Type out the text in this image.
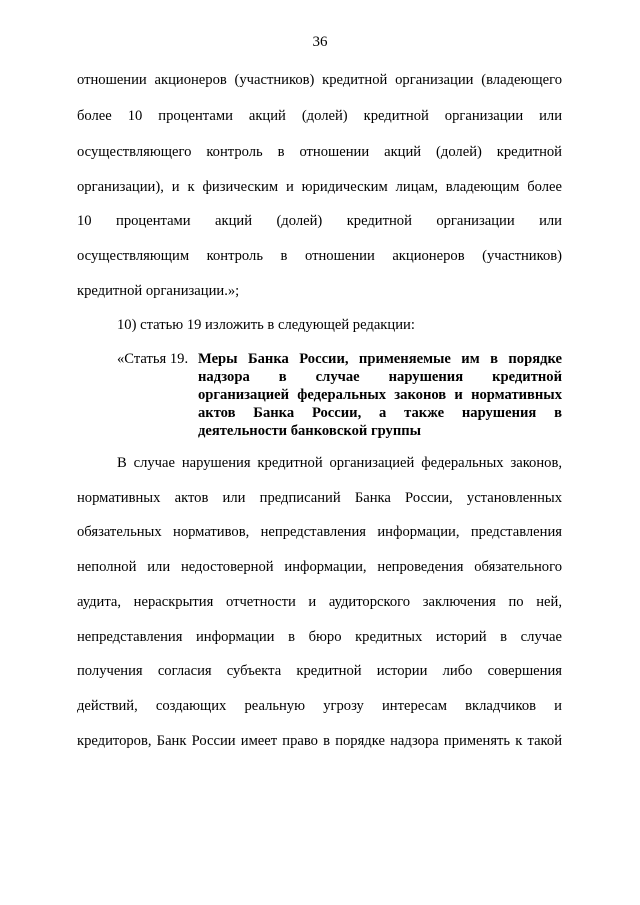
36
отношении акционеров (участников) кредитной организации (владеющего
более 10 процентами акций (долей) кредитной организации или
осуществляющего контроль в отношении акций (долей) кредитной
организации), и к физическим и юридическим лицам, владеющим более
10 процентами акций (долей) кредитной организации или
осуществляющим контроль в отношении акционеров (участников)
кредитной организации.»;
10) статью 19 изложить в следующей редакции:
«Статья 19. Меры Банка России, применяемые им в порядке
надзора в случае нарушения кредитной
организацией федеральных законов и нормативных
актов Банка России, а также нарушения в
деятельности банковской группы
В случае нарушения кредитной организацией федеральных законов,
нормативных актов или предписаний Банка России, установленных
обязательных нормативов, непредставления информации, представления
неполной или недостоверной информации, непроведения обязательного
аудита, нераскрытия отчетности и аудиторского заключения по ней,
непредставления информации в бюро кредитных историй в случае
получения согласия субъекта кредитной истории либо совершения
действий, создающих реальную угрозу интересам вкладчиков и
кредиторов, Банк России имеет право в порядке надзора применять к такой
